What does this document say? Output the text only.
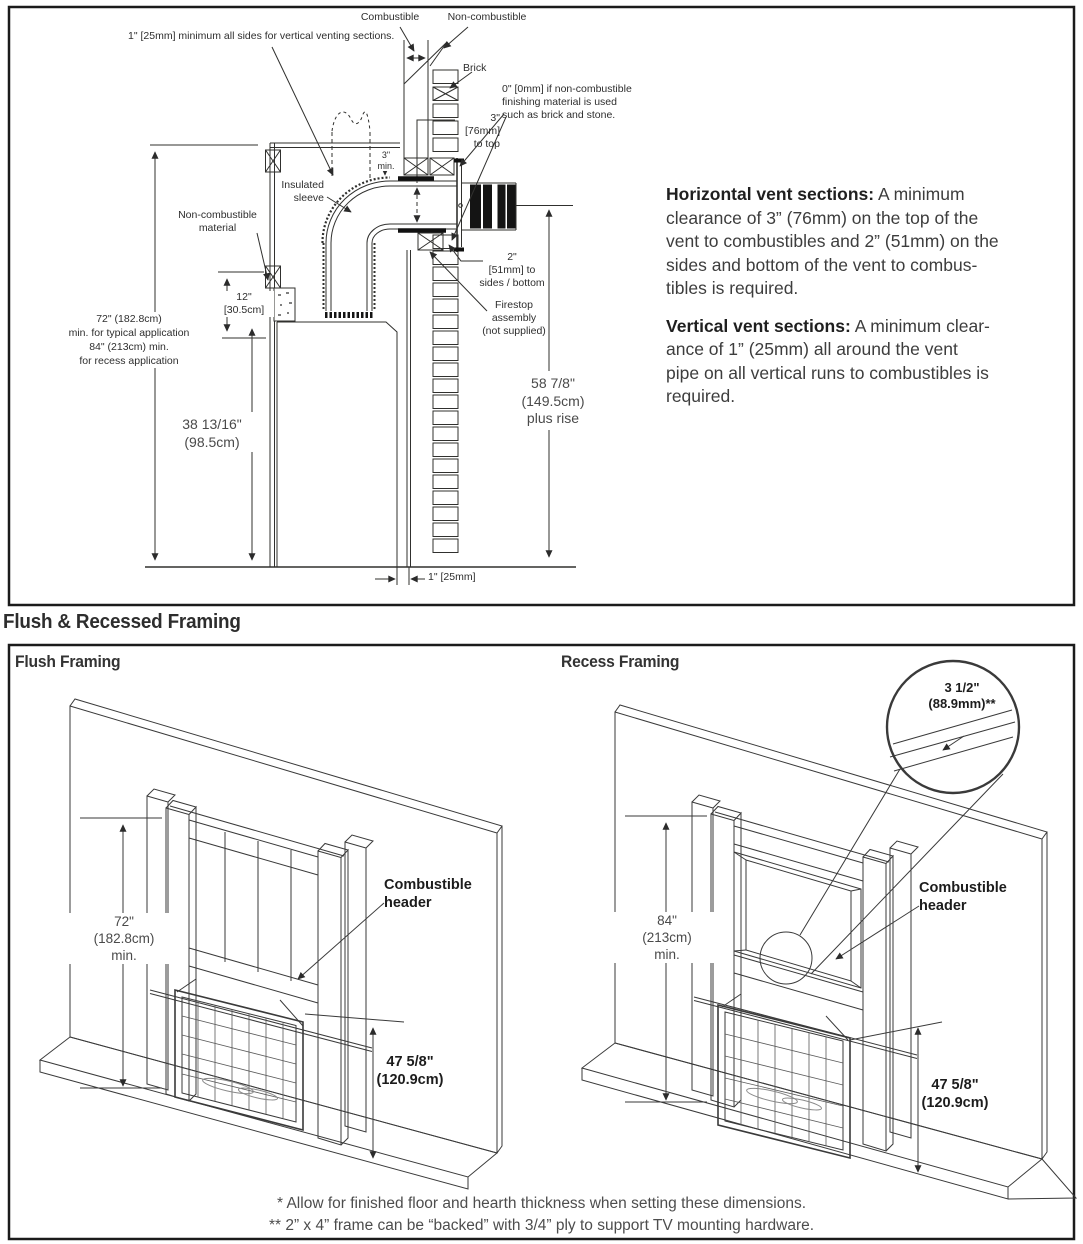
Combustible	Non-combustible
1" [25mm] minimum all sides for vertical venting sections.
Brick
0" [0mm] if non-combustible
finishing material is used
such as brick and stone.
3"
[76mm]
to top
3"
min.
Insulated
sleeve
Non-combustible
material
12"
[30.5cm]
72" (182.8cm)
min. for typical application
84" (213cm) min.
for recess application
38 13/16"
(98.5cm)
58 7/8"
(149.5cm)
plus rise
2"
[51mm] to
sides / bottom
Firestop
assembly
(not supplied)
1" [25mm]
Horizontal vent sections: A minimum
clearance of 3” (76mm) on the top of the
vent to combustibles and 2” (51mm) on the
sides and bottom of the vent to combus-
tibles is required.
Vertical vent sections: A minimum clear-
ance of 1” (25mm) all around the vent
pipe on all vertical runs to combustibles is
required.
Flush & Recessed Framing
Flush Framing	Recess Framing
72"
(182.8cm)
min.
47 5/8"
(120.9cm)
Combustible
header
84"
(213cm)
min.
47 5/8"
(120.9cm)
Combustible
header
3 1/2"
(88.9mm)**
* Allow for finished floor and hearth thickness when setting these dimensions.
** 2” x 4” frame can be “backed” with 3/4” ply to support TV mounting hardware.
